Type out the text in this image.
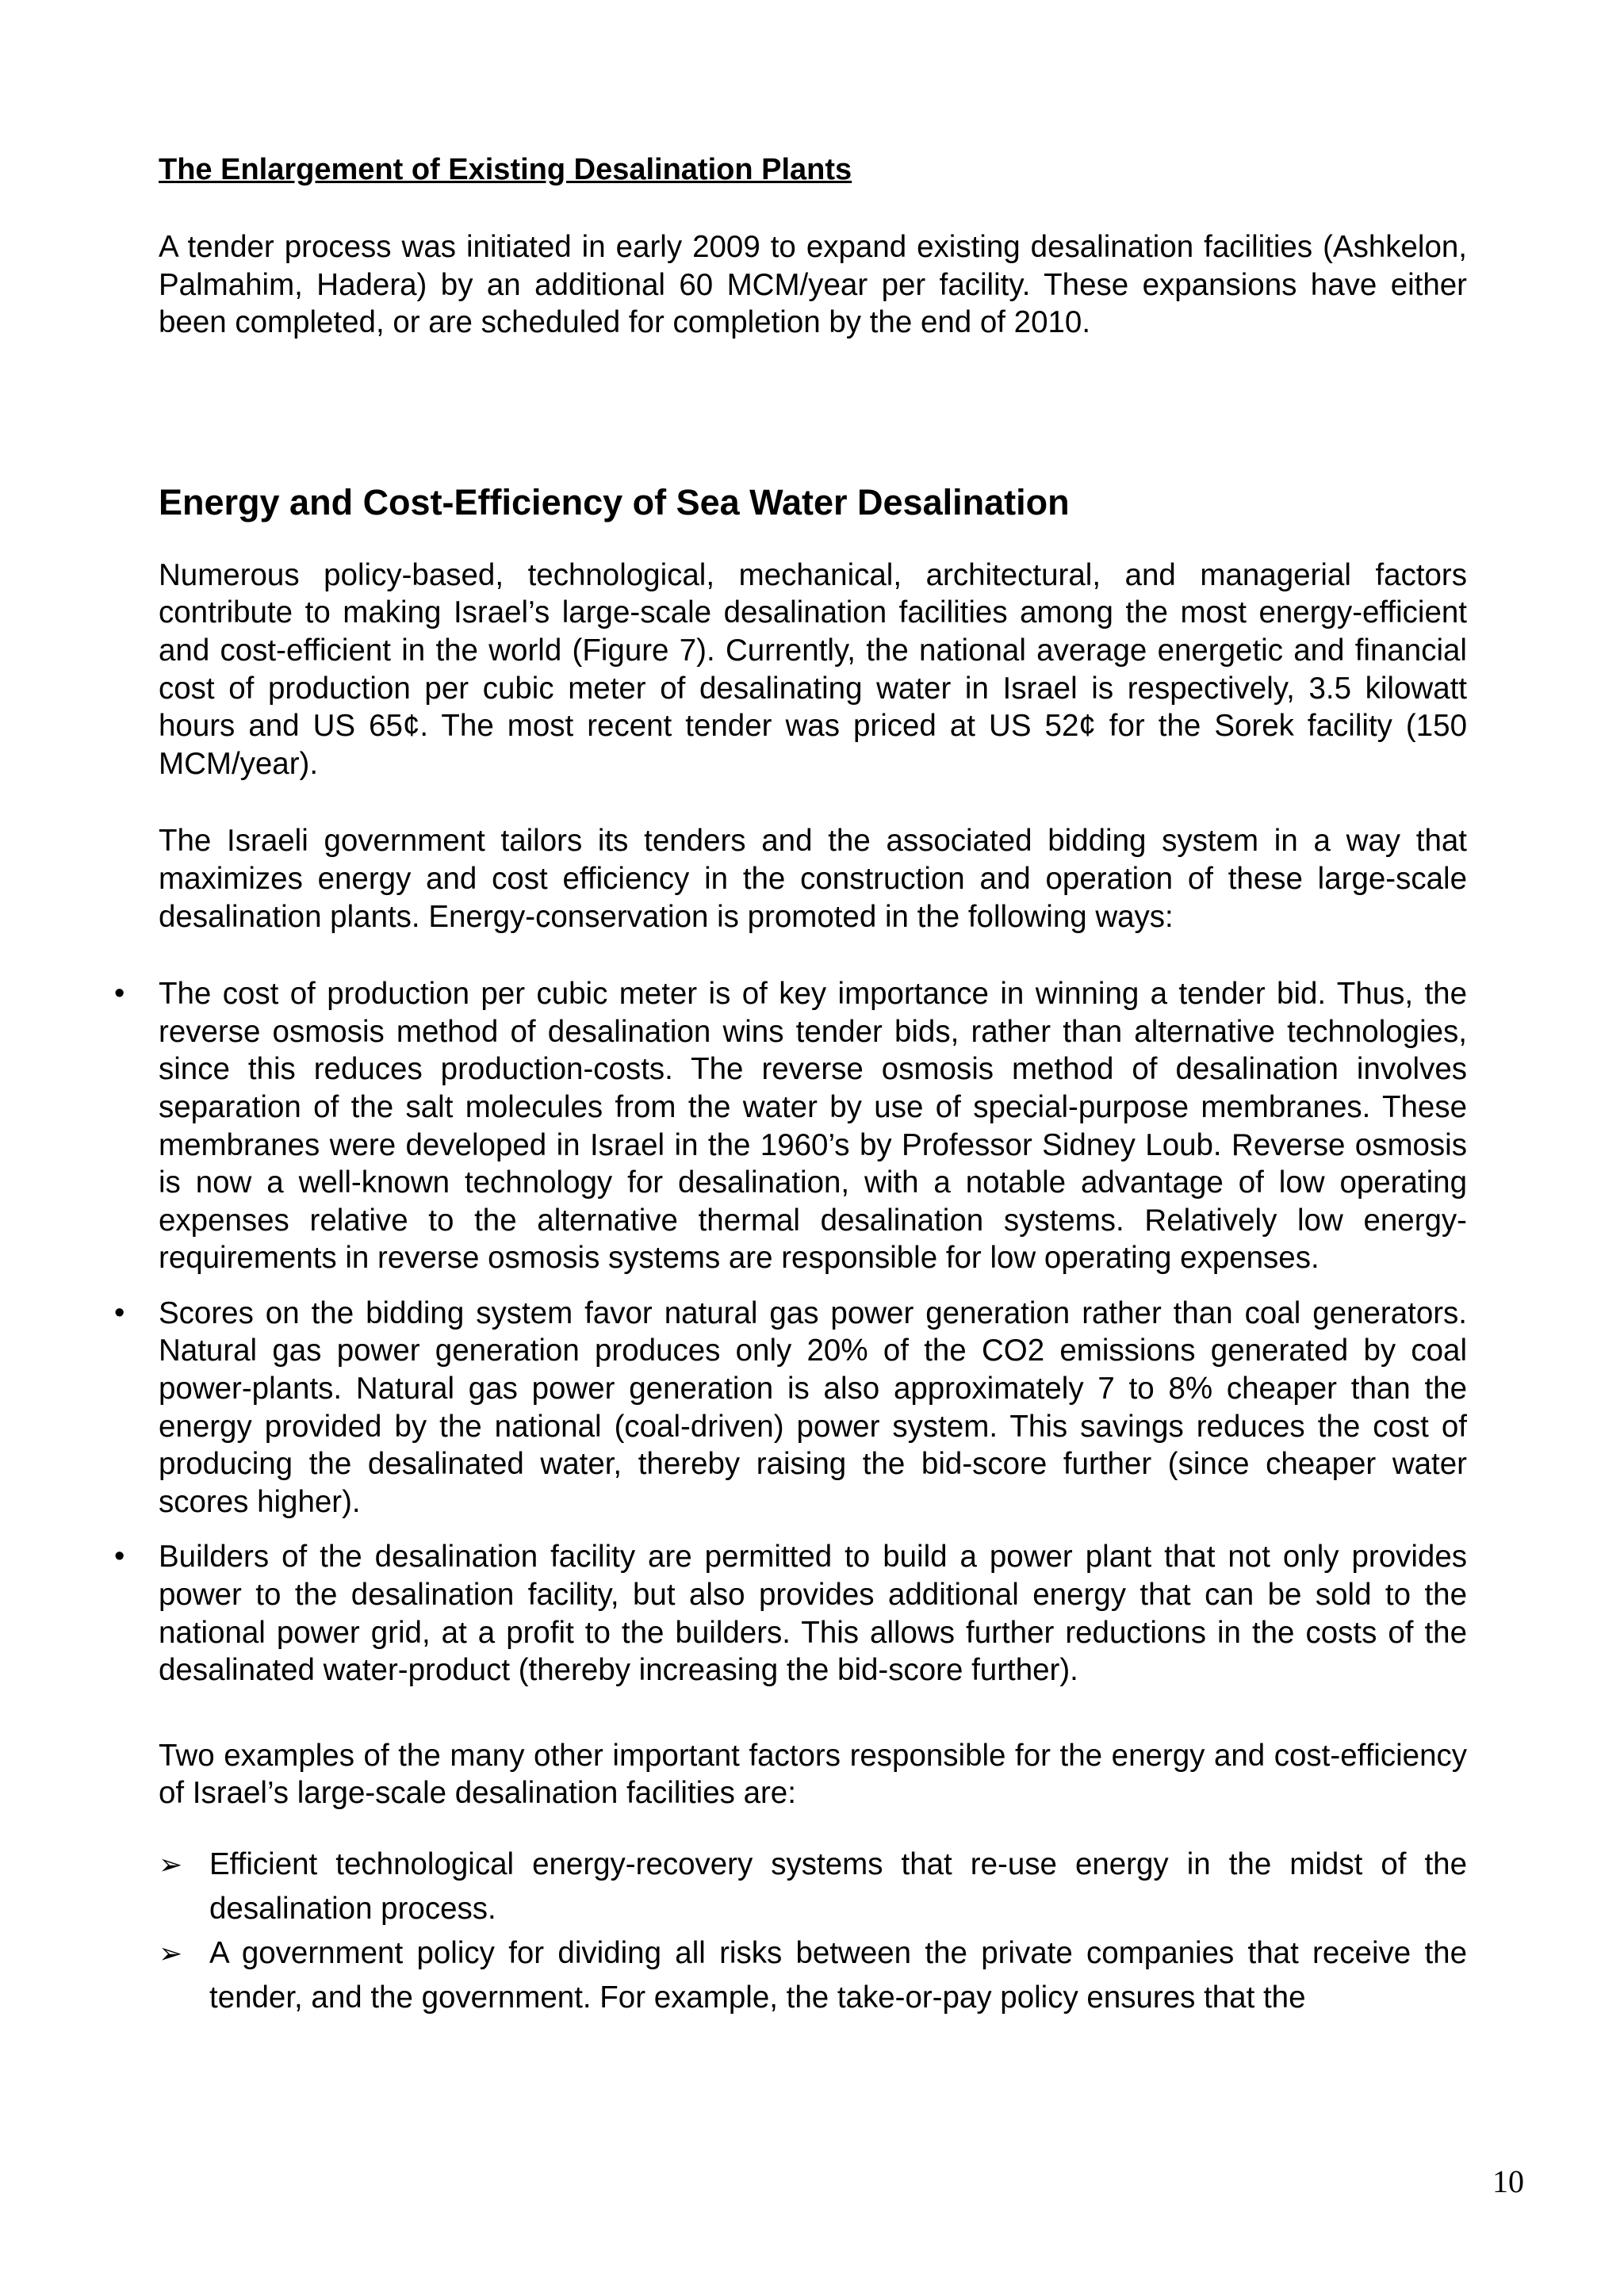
The Enlargement of Existing Desalination Plants

A tender process was initiated in early 2009 to expand existing desalination facilities (Ashkelon, Palmahim, Hadera) by an additional 60 MCM/year per facility. These expansions have either been completed, or are scheduled for completion by the end of 2010.

Energy and Cost-Efficiency of Sea Water Desalination

Numerous policy-based, technological, mechanical, architectural, and managerial factors contribute to making Israel’s large-scale desalination facilities among the most energy-efficient and cost-efficient in the world (Figure 7). Currently, the national average energetic and financial cost of production per cubic meter of desalinating water in Israel is respectively, 3.5 kilowatt hours and US 65¢. The most recent tender was priced at US 52¢ for the Sorek facility (150 MCM/year).

The Israeli government tailors its tenders and the associated bidding system in a way that maximizes energy and cost efficiency in the construction and operation of these large-scale desalination plants. Energy-conservation is promoted in the following ways:

• The cost of production per cubic meter is of key importance in winning a tender bid. Thus, the reverse osmosis method of desalination wins tender bids, rather than alternative technologies, since this reduces production-costs. The reverse osmosis method of desalination involves separation of the salt molecules from the water by use of special-purpose membranes. These membranes were developed in Israel in the 1960’s by Professor Sidney Loub. Reverse osmosis is now a well-known technology for desalination, with a notable advantage of low operating expenses relative to the alternative thermal desalination systems. Relatively low energy-requirements in reverse osmosis systems are responsible for low operating expenses.

• Scores on the bidding system favor natural gas power generation rather than coal generators. Natural gas power generation produces only 20% of the CO2 emissions generated by coal power-plants. Natural gas power generation is also approximately 7 to 8% cheaper than the energy provided by the national (coal-driven) power system. This savings reduces the cost of producing the desalinated water, thereby raising the bid-score further (since cheaper water scores higher).

• Builders of the desalination facility are permitted to build a power plant that not only provides power to the desalination facility, but also provides additional energy that can be sold to the national power grid, at a profit to the builders. This allows further reductions in the costs of the desalinated water-product (thereby increasing the bid-score further).

Two examples of the many other important factors responsible for the energy and cost-efficiency of Israel’s large-scale desalination facilities are:

➢ Efficient technological energy-recovery systems that re-use energy in the midst of the desalination process.

➢ A government policy for dividing all risks between the private companies that receive the tender, and the government. For example, the take-or-pay policy ensures that the

10
